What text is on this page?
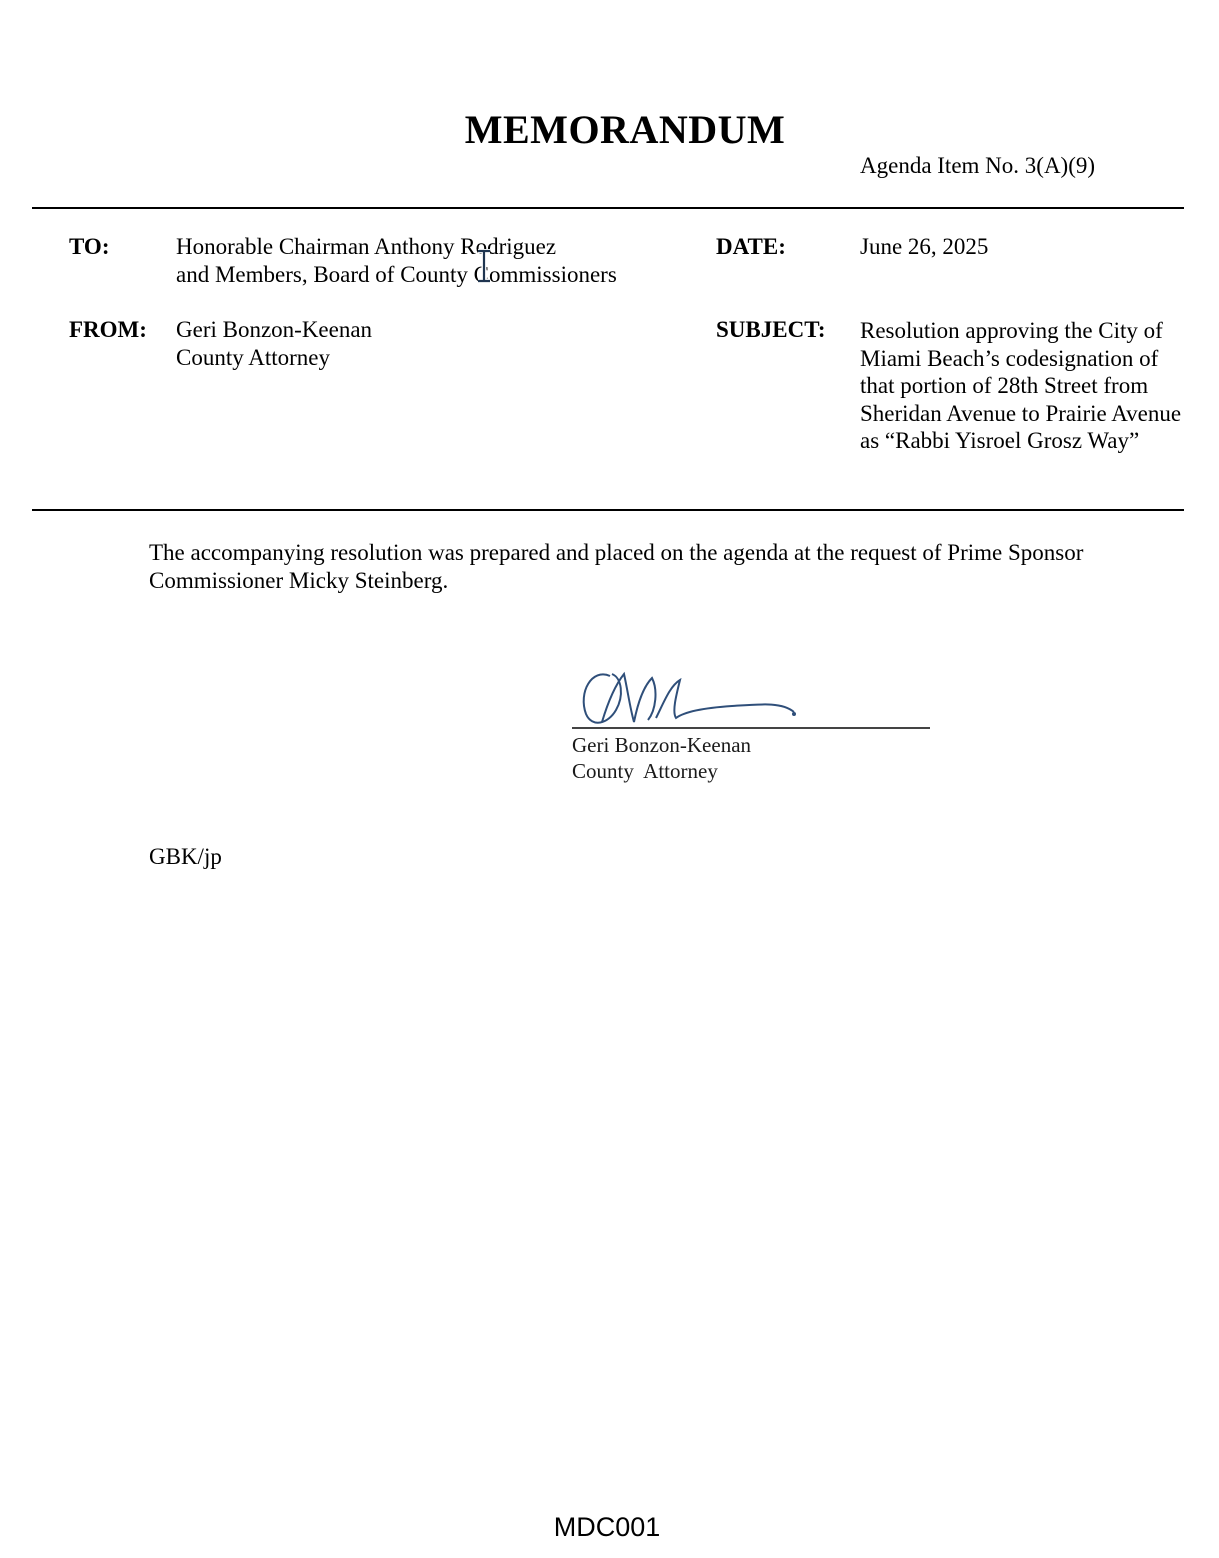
MEMORANDUM
Agenda Item No. 3(A)(9)
TO:	Honorable Chairman Anthony Rodriguez
and Members, Board of County Commissioners
DATE:	June 26, 2025
FROM: Geri Bonzon-Keenan
County Attorney
SUBJECT: Resolution approving the City of Miami Beach’s codesignation of that portion of 28th Street from Sheridan Avenue to Prairie Avenue as “Rabbi Yisroel Grosz Way”
The accompanying resolution was prepared and placed on the agenda at the request of Prime Sponsor Commissioner Micky Steinberg.
Geri Bonzon-Keenan
County  Attorney
GBK/jp
MDC001
